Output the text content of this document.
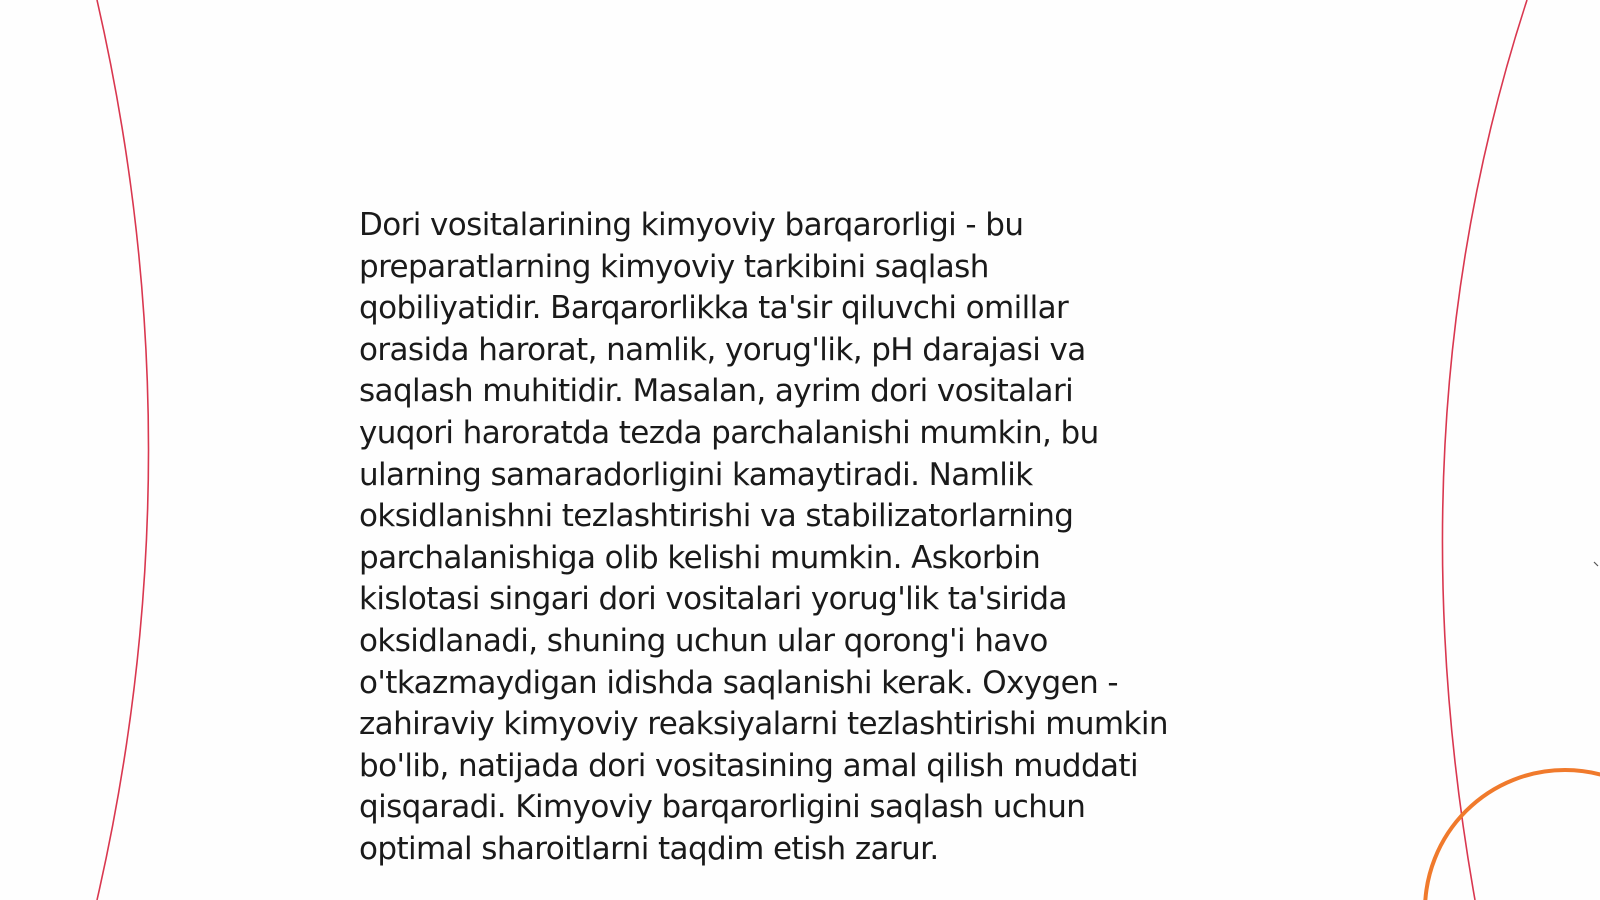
Dori vositalarining kimyoviy barqarorligi - bu
preparatlarning kimyoviy tarkibini saqlash
qobiliyatidir. Barqarorlikka ta'sir qiluvchi omillar
orasida harorat, namlik, yorug'lik, pH darajasi va
saqlash muhitidir. Masalan, ayrim dori vositalari
yuqori haroratda tezda parchalanishi mumkin, bu
ularning samaradorligini kamaytiradi. Namlik
oksidlanishni tezlashtirishi va stabilizatorlarning
parchalanishiga olib kelishi mumkin. Askorbin
kislotasi singari dori vositalari yorug'lik ta'sirida
oksidlanadi, shuning uchun ular qorong'i havo
o'tkazmaydigan idishda saqlanishi kerak. Oxygen -
zahiraviy kimyoviy reaksiyalarni tezlashtirishi mumkin
bo'lib, natijada dori vositasining amal qilish muddati
qisqaradi. Kimyoviy barqarorligini saqlash uchun
optimal sharoitlarni taqdim etish zarur.
